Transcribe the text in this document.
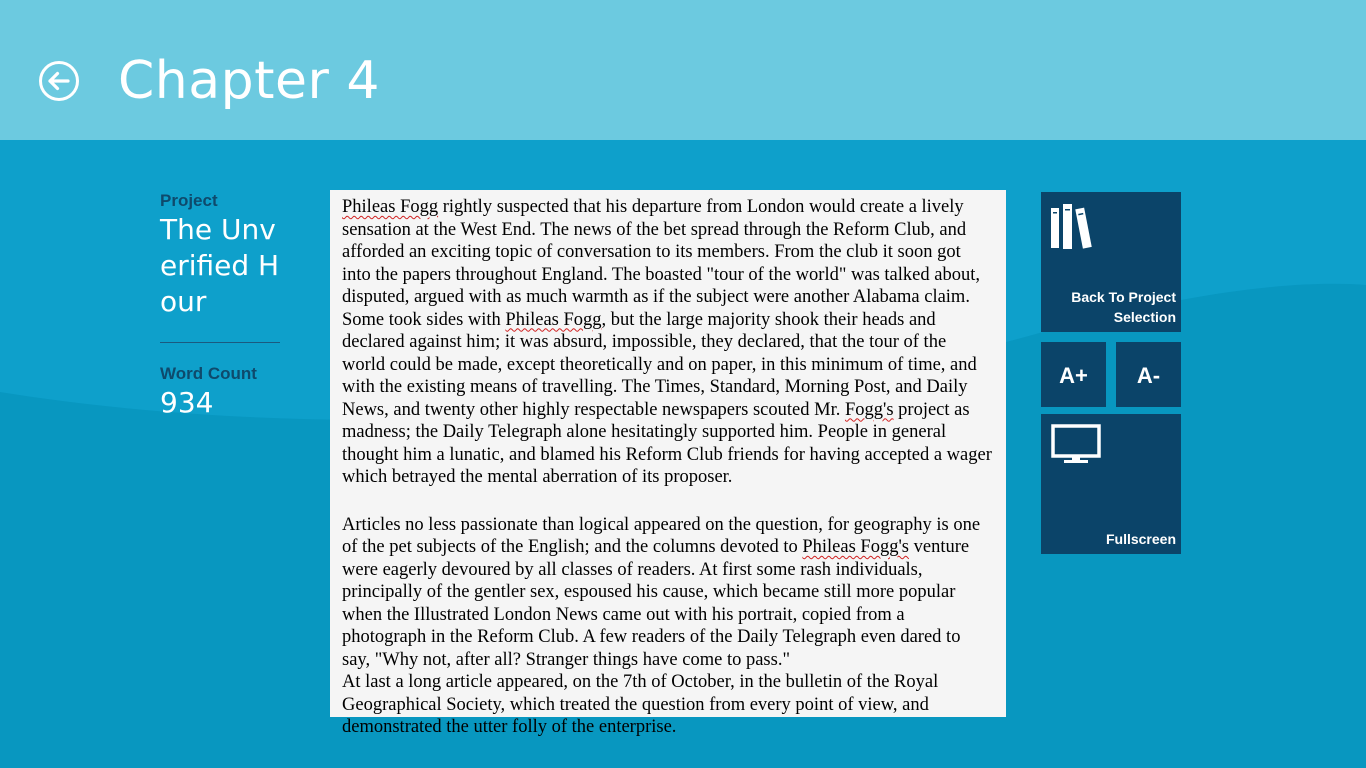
Chapter 4
Project
The Unverified Hour
Word Count
934

Phileas Fogg rightly suspected that his departure from London would create a lively sensation at the West End. The news of the bet spread through the Reform Club, and afforded an exciting topic of conversation to its members. From the club it soon got into the papers throughout England. The boasted "tour of the world" was talked about, disputed, argued with as much warmth as if the subject were another Alabama claim. Some took sides with Phileas Fogg, but the large majority shook their heads and declared against him; it was absurd, impossible, they declared, that the tour of the world could be made, except theoretically and on paper, in this minimum of time, and with the existing means of travelling. The Times, Standard, Morning Post, and Daily News, and twenty other highly respectable newspapers scouted Mr. Fogg's project as madness; the Daily Telegraph alone hesitatingly supported him. People in general thought him a lunatic, and blamed his Reform Club friends for having accepted a wager which betrayed the mental aberration of its proposer.

Articles no less passionate than logical appeared on the question, for geography is one of the pet subjects of the English; and the columns devoted to Phileas Fogg's venture were eagerly devoured by all classes of readers. At first some rash individuals, principally of the gentler sex, espoused his cause, which became still more popular when the Illustrated London News came out with his portrait, copied from a photograph in the Reform Club. A few readers of the Daily Telegraph even dared to say, "Why not, after all? Stranger things have come to pass."

At last a long article appeared, on the 7th of October, in the bulletin of the Royal Geographical Society, which treated the question from every point of view, and demonstrated the utter folly of the enterprise.

Back To Project Selection
A+	A-
Fullscreen
